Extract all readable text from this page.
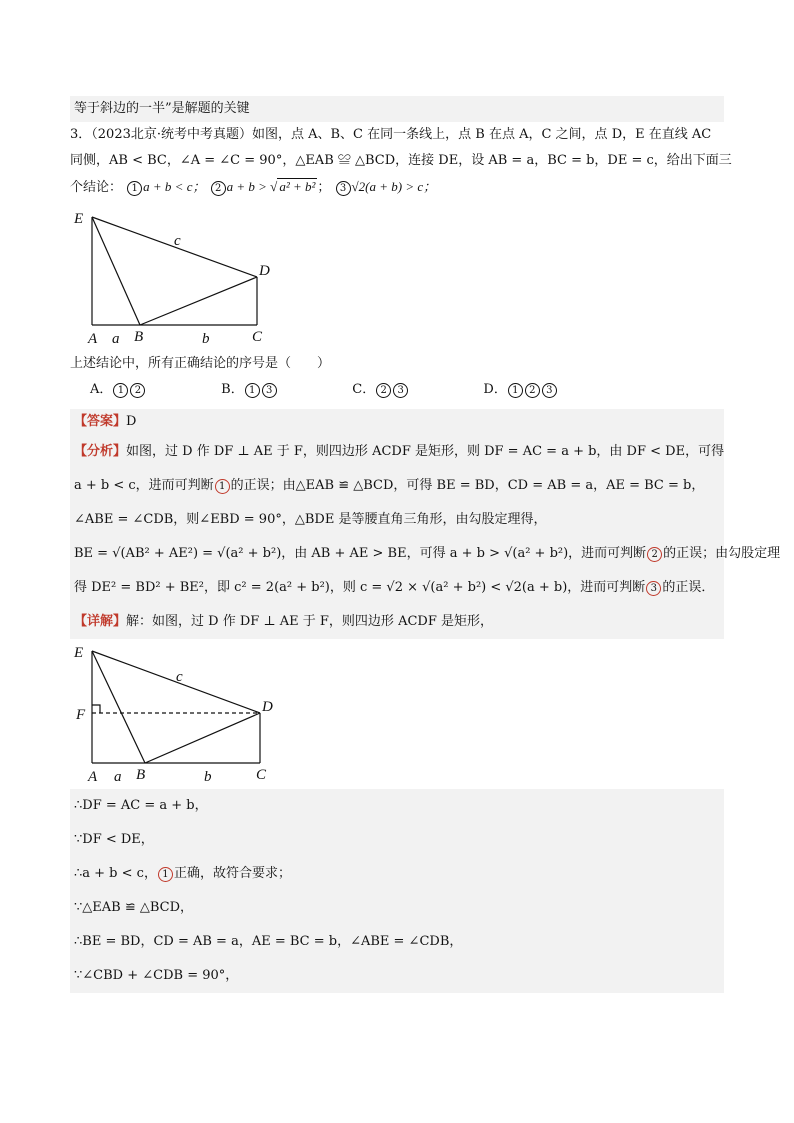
等于斜边的一半”是解题的关键
3．（2023北京·统考中考真题）如图，点 A、B、C 在同一条线上，点 B 在点 A，C 之间，点 D，E 在直线 AC
同侧，AB < BC，∠A = ∠C = 90°，△EAB ≌ △BCD，连接 DE，设 AB = a，BC = b，DE = c，给出下面三
个结论： 1 a + b < c； 2 a + b > √ a² + b² ； 3 √2(a + b) > c；
E
A a B	b	C
D
c
上述结论中，所有正确结论的序号是（　　）
A． 1 2	B． 1 3	C． 2 3	D． 1 2 3
【答案】D
【分析】如图，过 D 作 DF ⊥ AE 于 F，则四边形 ACDF 是矩形，则 DF = AC = a + b，由 DF < DE，可得
a + b < c，进而可判断 1 的正误；由△EAB ≌ △BCD，可得 BE = BD，CD = AB = a，AE = BC = b，
∠ABE = ∠CDB，则∠EBD = 90°，△BDE 是等腰直角三角形，由勾股定理得，
BE = √(AB² + AE²) = √(a² + b²)，由 AB + AE > BE，可得 a + b > √(a² + b²)，进而可判断 2 的正误；由勾股定理
得 DE² = BD² + BE²，即 c² = 2(a² + b²)，则 c = √2 × √(a² + b²) < √2(a + b)，进而可判断 3 的正误．
【详解】解：如图，过 D 作 DF ⊥ AE 于 F，则四边形 ACDF 是矩形，
E
F
A a B	b	C
D
c
∴DF = AC = a + b，
∵DF < DE，
∴a + b < c， 1 正确，故符合要求；
∵△EAB ≌ △BCD，
∴BE = BD，CD = AB = a，AE = BC = b，∠ABE = ∠CDB，
∵∠CBD + ∠CDB = 90°，
